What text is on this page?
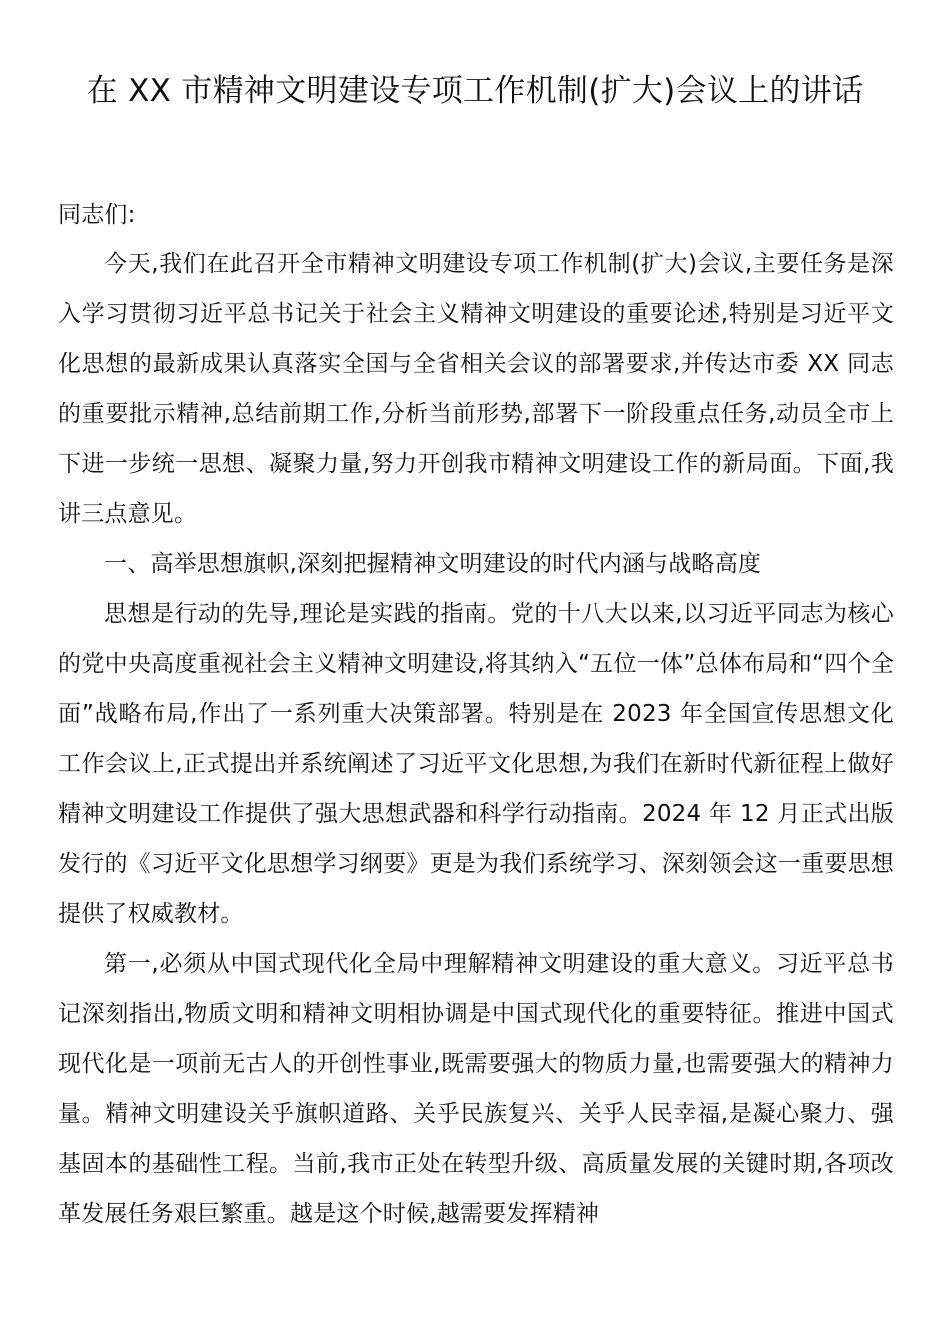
在 XX 市精神文明建设专项工作机制(扩大)会议上的讲话

同志们:

今天,我们在此召开全市精神文明建设专项工作机制(扩大)会议,主要任务是深入学习贯彻习近平总书记关于社会主义精神文明建设的重要论述,特别是习近平文化思想的最新成果认真落实全国与全省相关会议的部署要求,并传达市委 XX 同志的重要批示精神,总结前期工作,分析当前形势,部署下一阶段重点任务,动员全市上下进一步统一思想、凝聚力量,努力开创我市精神文明建设工作的新局面。下面,我讲三点意见。

一、高举思想旗帜,深刻把握精神文明建设的时代内涵与战略高度

思想是行动的先导,理论是实践的指南。党的十八大以来,以习近平同志为核心的党中央高度重视社会主义精神文明建设,将其纳入“五位一体”总体布局和“四个全面”战略布局,作出了一系列重大决策部署。特别是在 2023 年全国宣传思想文化工作会议上,正式提出并系统阐述了习近平文化思想,为我们在新时代新征程上做好精神文明建设工作提供了强大思想武器和科学行动指南。2024 年 12 月正式出版发行的《习近平文化思想学习纲要》更是为我们系统学习、深刻领会这一重要思想提供了权威教材。

第一,必须从中国式现代化全局中理解精神文明建设的重大意义。习近平总书记深刻指出,物质文明和精神文明相协调是中国式现代化的重要特征。推进中国式现代化是一项前无古人的开创性事业,既需要强大的物质力量,也需要强大的精神力量。精神文明建设关乎旗帜道路、关乎民族复兴、关乎人民幸福,是凝心聚力、强基固本的基础性工程。当前,我市正处在转型升级、高质量发展的关键时期,各项改革发展任务艰巨繁重。越是这个时候,越需要发挥精神
